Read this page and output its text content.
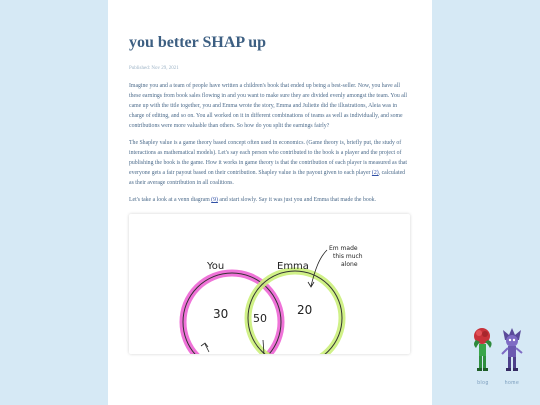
you better SHAP up
Published: Nov 29, 2021

Imagine you and a team of people have written a children's book that ended up being a best-seller. Now, you have all these earnings from book sales flowing in and you want to make sure they are divided evenly amongst the team. You all came up with the title together, you and Emma wrote the story, Emma and Juliette did the illustrations, Aleia was in charge of editing, and so on. You all worked on it in different combinations of teams as well as individually, and some contributions were more valuable than others. So how do you split the earnings fairly?

The Shapley value is a game theory based concept often used in economics. (Game theory is, briefly put, the study of interactions as mathematical models). Let's say each person who contributed to the book is a player and the project of publishing the book is the game. How it works in game theory is that the contribution of each player is measured as that everyone gets a fair payout based on their contribution. Shapley value is the payout given to each player (2), calculated as their average contribution in all coalitions.

Let's take a look at a venn diagram (9) and start slowly. Say it was just you and Emma that made the book.

You	Emma
30 50
20
Em made
this much
alone
blog	home
